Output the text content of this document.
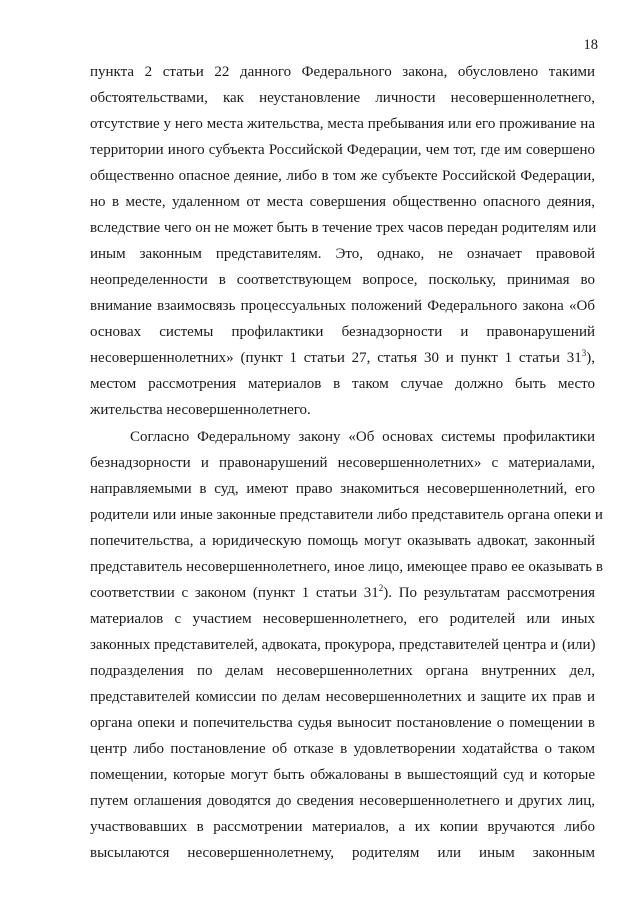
18
пункта 2 статьи 22 данного Федерального закона, обусловлено такими
обстоятельствами, как неустановление личности несовершеннолетнего,
отсутствие у него места жительства, места пребывания или его проживание на
территории иного субъекта Российской Федерации, чем тот, где им совершено
общественно опасное деяние, либо в том же субъекте Российской Федерации,
но в месте, удаленном от места совершения общественно опасного деяния,
вследствие чего он не может быть в течение трех часов передан родителям или
иным законным представителям. Это, однако, не означает правовой
неопределенности в соответствующем вопросе, поскольку, принимая во
внимание взаимосвязь процессуальных положений Федерального закона «Об
основах системы профилактики безнадзорности и правонарушений
несовершеннолетних» (пункт 1 статьи 27, статья 30 и пункт 1 статьи $31^3$),
местом рассмотрения материалов в таком случае должно быть место
жительства несовершеннолетнего.
Согласно Федеральному закону «Об основах системы профилактики
безнадзорности и правонарушений несовершеннолетних» с материалами,
направляемыми в суд, имеют право знакомиться несовершеннолетний, его
родители или иные законные представители либо представитель органа опеки и
попечительства, а юридическую помощь могут оказывать адвокат, законный
представитель несовершеннолетнего, иное лицо, имеющее право ее оказывать в
соответствии с законом (пункт 1 статьи $31^2$). По результатам рассмотрения
материалов с участием несовершеннолетнего, его родителей или иных
законных представителей, адвоката, прокурора, представителей центра и (или)
подразделения по делам несовершеннолетних органа внутренних дел,
представителей комиссии по делам несовершеннолетних и защите их прав и
органа опеки и попечительства судья выносит постановление о помещении в
центр либо постановление об отказе в удовлетворении ходатайства о таком
помещении, которые могут быть обжалованы в вышестоящий суд и которые
путем оглашения доводятся до сведения несовершеннолетнего и других лиц,
участвовавших в рассмотрении материалов, а их копии вручаются либо
высылаются несовершеннолетнему, родителям или иным законным
